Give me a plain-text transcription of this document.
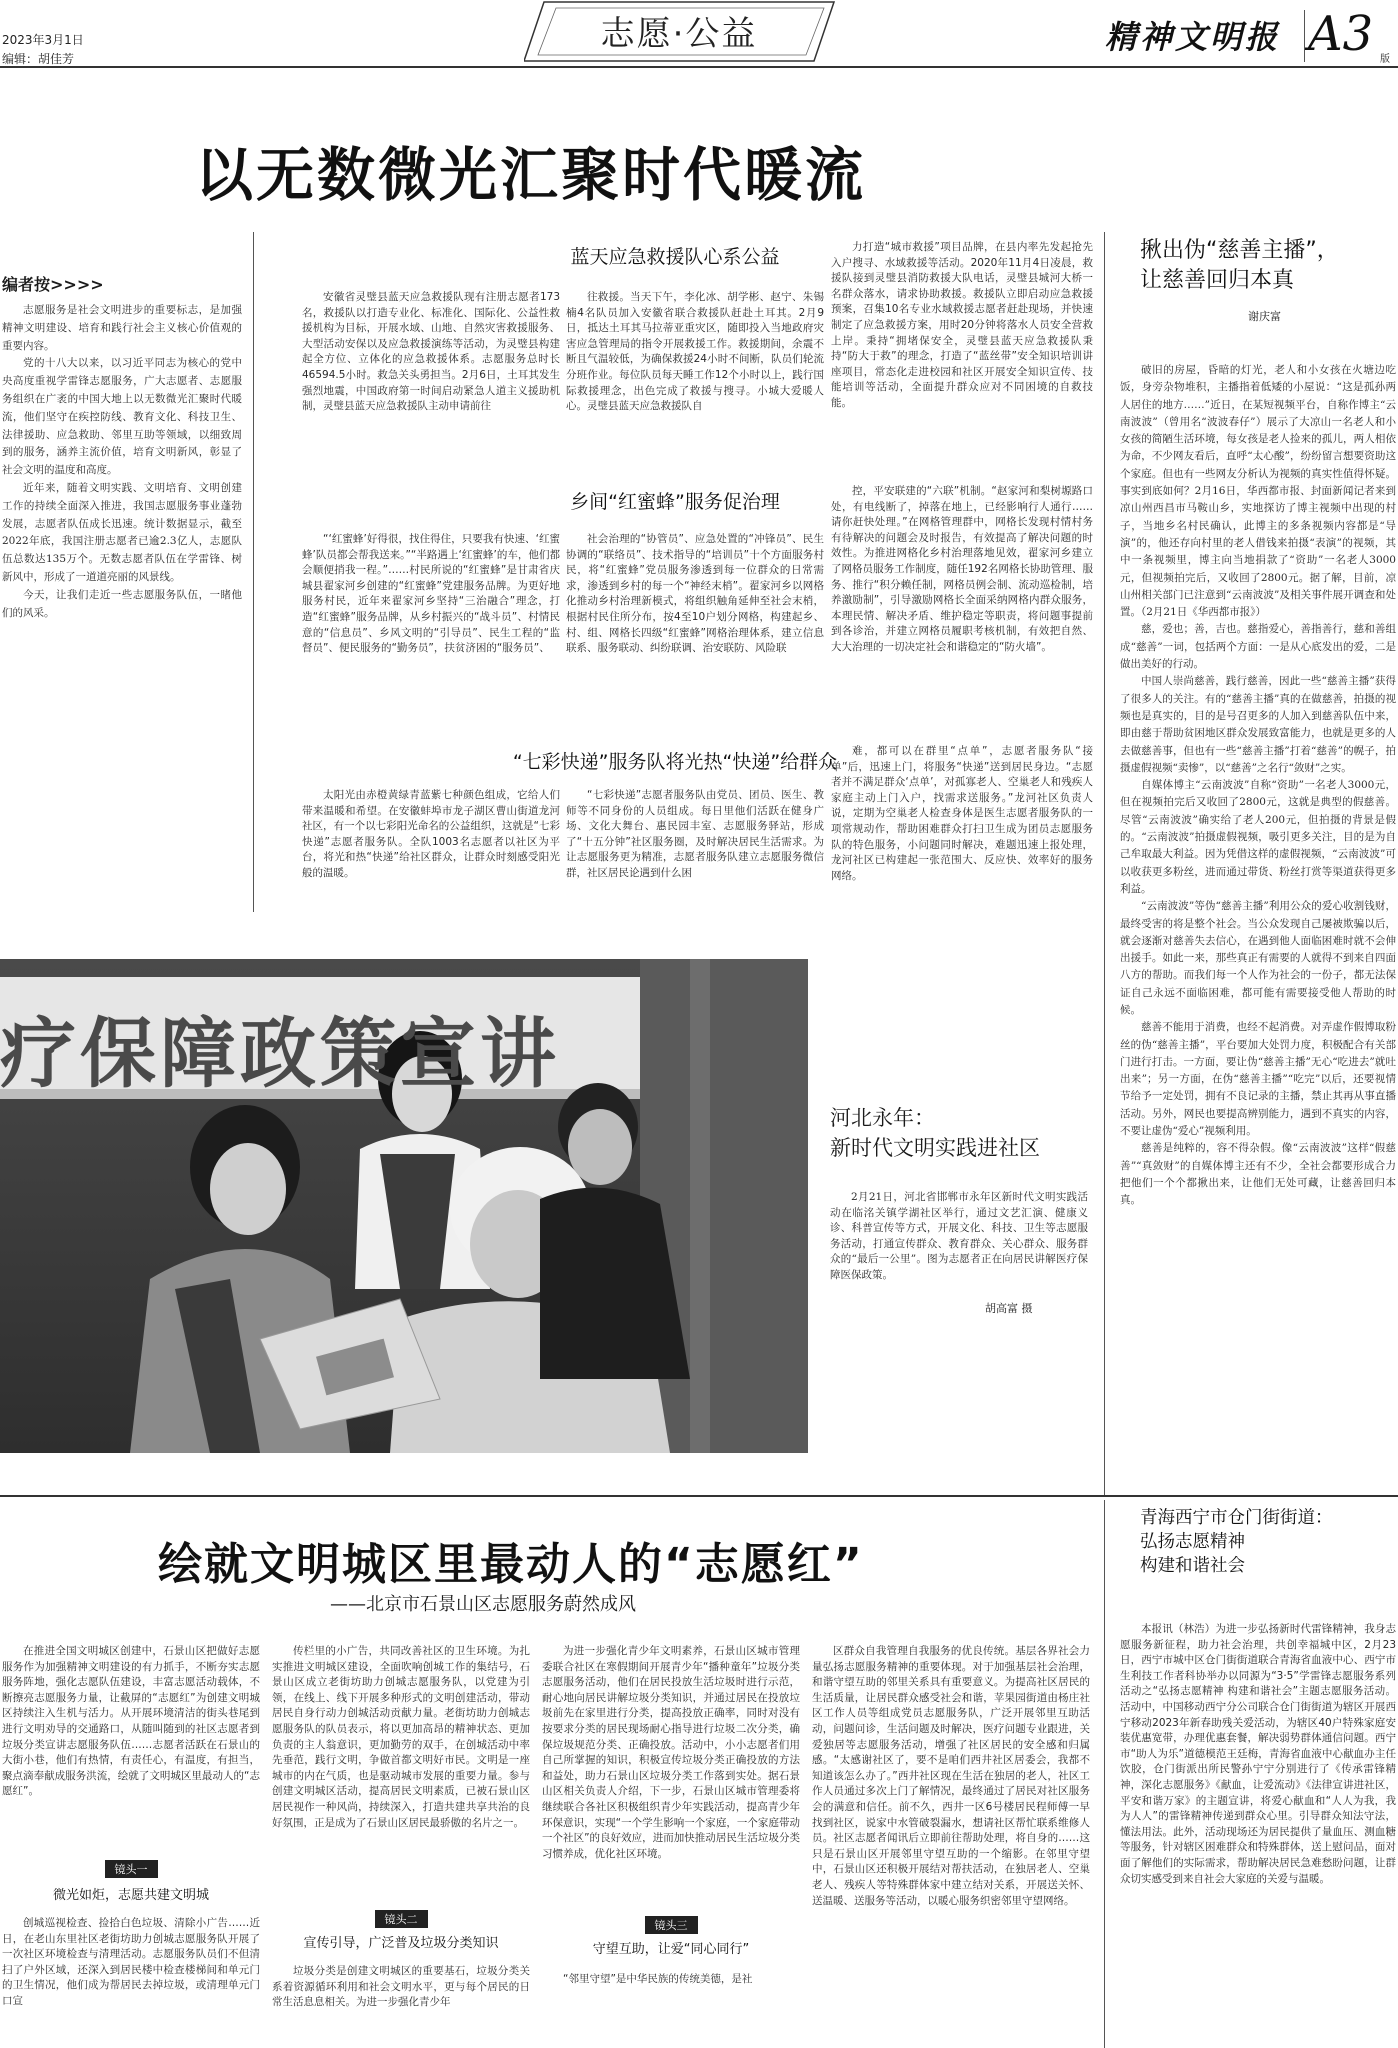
2023年3月1日
编辑：胡佳芳
志愿·公益	精神文明报 A3 版
以无数微光汇聚时代暖流
编者按>>>>

志愿服务是社会文明进步的重要标志，是加强精神文明建设、培育和践行社会主义核心价值观的重要内容。

党的十八大以来，以习近平同志为核心的党中央高度重视学雷锋志愿服务，广大志愿者、志愿服务组织在广袤的中国大地上以无数微光汇聚时代暖流，他们坚守在疾控防线、教育文化、科技卫生、法律援助、应急救助、邻里互助等领域，以细致周到的服务，涵养主流价值，培育文明新风，彰显了社会文明的温度和高度。

近年来，随着文明实践、文明培育、文明创建工作的持续全面深入推进，我国志愿服务事业蓬勃发展，志愿者队伍成长迅速。统计数据显示，截至2022年底，我国注册志愿者已逾2.3亿人，志愿队伍总数达135万个。无数志愿者队伍在学雷锋、树新风中，形成了一道道亮丽的风景线。

今天，让我们走近一些志愿服务队伍，一睹他们的风采。

蓝天应急救援队心系公益

安徽省灵璧县蓝天应急救援队现有注册志愿者173名，救援队以打造专业化、标准化、国际化、公益性救援机构为目标，开展水域、山地、自然灾害救援服务、大型活动安保以及应急救援演练等活动，为灵璧县构建起全方位、立体化的应急救援体系。志愿服务总时长46594.5小时。救急关头勇担当。2月6日，土耳其发生强烈地震，中国政府第一时间启动紧急人道主义援助机制，灵璧县蓝天应急救援队主动申请前往

往救援。当天下午，李化冰、胡学彬、赵宁、朱锡楠4名队员加入安徽省联合救援队赶赴土耳其。2月9日，抵达土耳其马拉蒂亚重灾区，随即投入当地政府灾害应急管理局的指令开展救援工作。救援期间，余震不断且气温较低，为确保救援24小时不间断，队员们轮流分班作业。每位队员每天睡工作12个小时以上，践行国际救援理念，出色完成了救援与搜寻。小城大爱暖人心。灵璧县蓝天应急救援队自

力打造“城市救援”项目品牌，在县内率先发起抢先入户搜寻、水域救援等活动。2020年11月4日凌晨，救援队接到灵璧县消防救援大队电话，灵璧县城河大桥一名群众落水，请求协助救援。救援队立即启动应急救援预案，召集10名专业水域救援志愿者赶赴现场，并快速制定了应急救援方案，用时20分钟将落水人员安全营救上岸。秉持“拥堵保安全，灵璧县蓝天应急救援队秉持“防大于救”的理念，打造了“蓝丝带”安全知识培训讲座项目，常态化走进校园和社区开展安全知识宣传、技能培训等活动，全面提升群众应对不同困境的自救技能。

乡间“红蜜蜂”服务促治理

“‘红蜜蜂’好得很，找住得住，只要我有快速、‘红蜜蜂’队员都会帮我送来。”“半路遇上‘红蜜蜂’的车，他们都会顺便捎我一程。”……村民所说的“红蜜蜂”是甘肃省庆城县翟家河乡创建的“红蜜蜂”党建服务品牌。为更好地服务村民，近年来翟家河乡坚持“三治融合”理念，打造“红蜜蜂”服务品牌，从乡村振兴的“战斗员”、村情民意的“信息员”、乡风文明的“引导员”、民生工程的“监督员”、便民服务的“勤务员”，扶贫济困的“服务员”、

社会治理的“协管员”、应急处置的“冲锋员”、民生协调的“联络员”、技术指导的“培训员”十个方面服务村民，将“红蜜蜂”党员服务渗透到每一位群众的日常需求，渗透到乡村的每一个“神经末梢”。翟家河乡以网格化推动乡村治理新模式，将组织触角延伸至社会末梢，根据村民住所分布，按4至10户划分网格，构建起乡、村、组、网格长四级“红蜜蜂”网格治理体系，建立信息联系、服务联动、纠纷联调、治安联防、风险联

控，平安联建的“六联”机制。“赵家河和梨树塬路口处，有电线断了，掉落在地上，已经影响行人通行……请你赶快处理。”在网格管理群中，网格长发现村情村务有待解决的问题会及时报告，有效提高了解决问题的时效性。为推进网格化乡村治理落地见效，翟家河乡建立了网格员服务工作制度，随任192名网格长协助管理、服务、推行“积分赖任制，网格员例会制、流动巡检制，培养激励制”，引导激励网格长全面采纳网格内群众服务，本理民情、解决矛盾、维护稳定等职责，将问题事提前到各诊治，并建立网格员履职考核机制，有效把自然、大大治理的一切决定社会和谐稳定的“防火墙”。

“七彩快递”服务队将光热“快递”给群众

太阳光由赤橙黄绿青蓝紫七种颜色组成，它给人们带来温暖和希望。在安徽蚌埠市龙子湖区曹山街道龙河社区，有一个以七彩阳光命名的公益组织，这就是“七彩快递”志愿者服务队。全队1003名志愿者以社区为平台，将光和热“快递”给社区群众，让群众时刻感受阳光般的温暖。

“七彩快递”志愿者服务队由党员、团员、医生、教师等不同身份的人员组成。每日里他们活跃在健身广场、文化大舞台、惠民园丰室、志愿服务驿站，形成了“十五分钟”社区服务圈，及时解决居民生活需求。为让志愿服务更为精准，志愿者服务队建立志愿服务微信群，社区居民论遇到什么困

难，都可以在群里“点单”，志愿者服务队“接单”后，迅速上门，将服务“快递”送到居民身边。“志愿者并不满足群众‘点单’，对孤寡老人、空巢老人和残疾人家庭主动上门入户，找需求送服务。”龙河社区负责人说，定期为空巢老人检查身体是医生志愿者服务队的一项常规动作，帮助困难群众打扫卫生成为团员志愿服务队的特色服务，小问题同时解决，难题迅速上报处理，龙河社区已构建起一张范围大、反应快、效率好的服务网络。

疗保障政策宣讲
河北永年：
新时代文明实践进社区

2月21日，河北省邯郸市永年区新时代文明实践活动在临洺关镇学湖社区举行，通过文艺汇演、健康义诊、科普宣传等方式，开展文化、科技、卫生等志愿服务活动，打通宣传群众、教育群众、关心群众、服务群众的“最后一公里”。图为志愿者正在向居民讲解医疗保障医保政策。

胡高富 摄
揪出伪“慈善主播”，
让慈善回归本真
谢庆富

破旧的房屋，昏暗的灯光，老人和小女孩在火塘边吃饭，身旁杂物堆积，主播指着低矮的小屋说：“这是孤孙两人居住的地方……”近日，在某短视频平台，自称作博主“云南波波”（曾用名“波波春仔”）展示了大凉山一名老人和小女孩的简陋生活环境，每女孩是老人捡来的孤儿，两人相依为命，不少网友看后，直呼“太心酸”，纷纷留言想要资助这个家庭。但也有一些网友分析认为视频的真实性值得怀疑。事实到底如何？2月16日，华西都市报、封面新闻记者来到凉山州西昌市马鞍山乡，实地探访了博主视频中出现的村子，当地乡名村民确认，此博主的多条视频内容都是“导演”的，他还存向村里的老人借钱来拍摄“表演”的视频，其中一条视频里，博主向当地捐款了“资助”一名老人3000元，但视频拍完后，又收回了2800元。据了解，目前，凉山州相关部门已注意到“云南波波”及相关事件展开调查和处置。（2月21日《华西都市报》）

慈，爱也；善，吉也。慈指爱心，善指善行，慈和善组成“慈善”一词，包括两个方面：一是从心底发出的爱，二是做出美好的行动。

中国人崇尚慈善，践行慈善，因此一些“慈善主播”获得了很多人的关注。有的“慈善主播”真的在做慈善，拍摄的视频也是真实的，目的是号召更多的人加入到慈善队伍中来，即由慈于帮助贫困地区群众发展致富能力，也就是更多的人去做慈善事，但也有一些“慈善主播”打着“慈善”的幌子，拍摄虚假视频“卖惨”，以“慈善”之名行“敛财”之实。

自媒体博主“云南波波”自称“资助”一名老人3000元，但在视频拍完后又收回了2800元，这就是典型的假慈善。尽管“云南波波”确实给了老人200元，但拍摄的背景是假的。“云南波波”拍摄虚假视频，吸引更多关注，目的是为自己牟取最大利益。因为凭借这样的虚假视频，“云南波波”可以收获更多粉丝，进而通过带货、粉丝打赏等渠道获得更多利益。

“云南波波”等伪“慈善主播”利用公众的爱心收割钱财，最终受害的将是整个社会。当公众发现自己屡被欺骗以后，就会逐渐对慈善失去信心，在遇到他人面临困难时就不会伸出援手。如此一来，那些真正有需要的人就得不到来自四面八方的帮助。而我们每一个人作为社会的一份子，都无法保证自己永远不面临困难，都可能有需要接受他人帮助的时候。

慈善不能用于消费，也经不起消费。对弄虚作假博取粉丝的伪“慈善主播”，平台要加大处罚力度，积极配合有关部门进行打击。一方面，要让伪“慈善主播”无心“吃进去”就吐出来”；另一方面，在伪“慈善主播”“吃完”以后，还要视情节给予一定处罚，拥有不良记录的主播，禁止其再从事直播活动。另外，网民也要提高辨别能力，遇到不真实的内容，不要让虚伪“爱心”视频利用。

慈善是纯粹的，容不得杂假。像“云南波波”这样“假慈善”“真敛财”的自媒体博主还有不少，全社会都要形成合力把他们一个个都揪出来，让他们无处可藏，让慈善回归本真。

绘就文明城区里最动人的“志愿红”
——北京市石景山区志愿服务蔚然成风

在推进全国文明城区创建中，石景山区把做好志愿服务作为加强精神文明建设的有力抓手，不断夯实志愿服务阵地，强化志愿队伍建设，丰富志愿活动载体，不断擦亮志愿服务力量，让截屏的“志愿红”为创建文明城区持续注入生机与活力。从开展环境清洁的街头巷尾到进行文明劝导的交通路口，从随叫随到的社区志愿者到垃圾分类宣讲志愿服务队伍……志愿者活跃在石景山的大街小巷，他们有热情，有责任心，有温度，有担当，聚点滴奉献成服务洪流，绘就了文明城区里最动人的“志愿红”。

镜头一
微光如炬，志愿共建文明城

创城巡视检查、捡拾白色垃圾、清除小广告……近日，在老山东里社区老街坊助力创城志愿服务队开展了一次社区环境检查与清理活动。志愿服务队员们不但清扫了户外区域，还深入到居民楼中检查楼梯间和单元门的卫生情况，他们成为帮居民去掉垃圾，或清理单元门口宣

传栏里的小广告，共同改善社区的卫生环境。为扎实推进文明城区建设，全面吹响创城工作的集结号，石景山区成立老街坊助力创城志愿服务队，以党建为引领，在线上、线下开展多种形式的文明创建活动，带动居民自身行动力创城活动贡献力量。老街坊助力创城志愿服务队的队员表示，将以更加高昂的精神状态、更加负责的主人翁意识，更加勤劳的双手，在创城活动中率先垂范，践行文明，争做首都文明好市民。文明是一座城市的内在气质，也是驱动城市发展的重要力量。参与创建文明城区活动，提高居民文明素质，已被石景山区居民视作一种风尚，持续深入，打造共建共享共治的良好氛围，正是成为了石景山区居民最骄傲的名片之一。

镜头二
宣传引导，广泛普及垃圾分类知识

垃圾分类是创建文明城区的重要基石，垃圾分类关系着资源循环利用和社会文明水平，更与每个居民的日常生活息息相关。为进一步强化青少年

为进一步强化青少年文明素养，石景山区城市管理委联合社区在寒假期间开展青少年“播种童年”垃圾分类志愿服务活动，他们在居民投放生活垃圾时进行示范，耐心地向居民讲解垃圾分类知识，并通过居民在投放垃圾前先在家里进行分类，提高投放正确率，同时对没有按要求分类的居民现场耐心指导进行垃圾二次分类，确保垃圾规范分类、正确投放。活动中，小小志愿者们用自己所掌握的知识，积极宣传垃圾分类正确投放的方法和益处，助力石景山区垃圾分类工作落到实处。据石景山区相关负责人介绍，下一步，石景山区城市管理委将继续联合各社区积极组织青少年实践活动，提高青少年环保意识，实现“一个学生影响一个家庭，一个家庭带动一个社区”的良好效应，进而加快推动居民生活垃圾分类习惯养成，优化社区环境。

镜头三
守望互助，让爱“同心同行”

“邻里守望”是中华民族的传统美德，是社

区群众自我管理自我服务的优良传统。基层各界社会力量弘扬志愿服务精神的重要体现。对于加强基层社会治理，和谐守望互助的邻里关系具有重要意义。为提高社区居民的生活质量，让居民群众感受社会和谐，苹果园街道由杨庄社区工作人员等组成党员志愿服务队，广泛开展邻里互助活动，问题问诊，生活问题及时解决，医疗问题专业跟进，关爱独居等志愿服务活动，增强了社区居民的安全感和归属感。“太感谢社区了，要不是咱们西井社区居委会，我都不知道该怎么办了。”西井社区现在生活在独居的老人，社区工作人员通过多次上门了解情况，最终通过了居民对社区服务会的满意和信任。前不久，西井一区6号楼居民程师傅一早找到社区，说家中水管破裂漏水，想请社区帮忙联系维修人员。社区志愿者闻讯后立即前往帮助处理，将自身的……这只是石景山区开展邻里守望互助的一个缩影。在邻里守望中，石景山区还积极开展结对帮扶活动，在独居老人、空巢老人、残疾人等特殊群体家中建立结对关系，开展送关怀、送温暖、送服务等活动，以暖心服务织密邻里守望网络。

青海西宁市仓门街街道：
弘扬志愿精神
构建和谐社会

本报讯（林浩）为进一步弘扬新时代雷锋精神，我身志愿服务新征程，助力社会治理，共创幸福城中区，2月23日，西宁市城中区仓门街街道联合青海省血液中心、西宁市生利技工作者科协举办以同源为“3·5”学雷锋志愿服务系列活动之“弘扬志愿精神 构建和谐社会”主题志愿服务活动。活动中，中国移动西宁分公司联合仓门街街道为辖区开展西宁移动2023年新春助残关爱活动，为辖区40户特殊家庭安装优惠宽带，办理优惠套餐，解决弱势群体通信问题。西宁市“助人为乐”道德模范王廷梅，青海省血液中心献血办主任饮胶，仓门街派出所民警孙宁宁分别进行了《传承雷锋精神，深化志愿服务》《献血，让爱流动》《法律宣讲进社区，平安和谐万家》的主题宣讲，将爱心献血和“人人为我，我为人人”的雷锋精神传递到群众心里。引导群众知法守法，懂法用法。此外，活动现场还为居民提供了量血压、测血糖等服务，针对辖区困难群众和特殊群体，送上慰问品，面对面了解他们的实际需求，帮助解决居民急难愁盼问题，让群众切实感受到来自社会大家庭的关爱与温暖。
